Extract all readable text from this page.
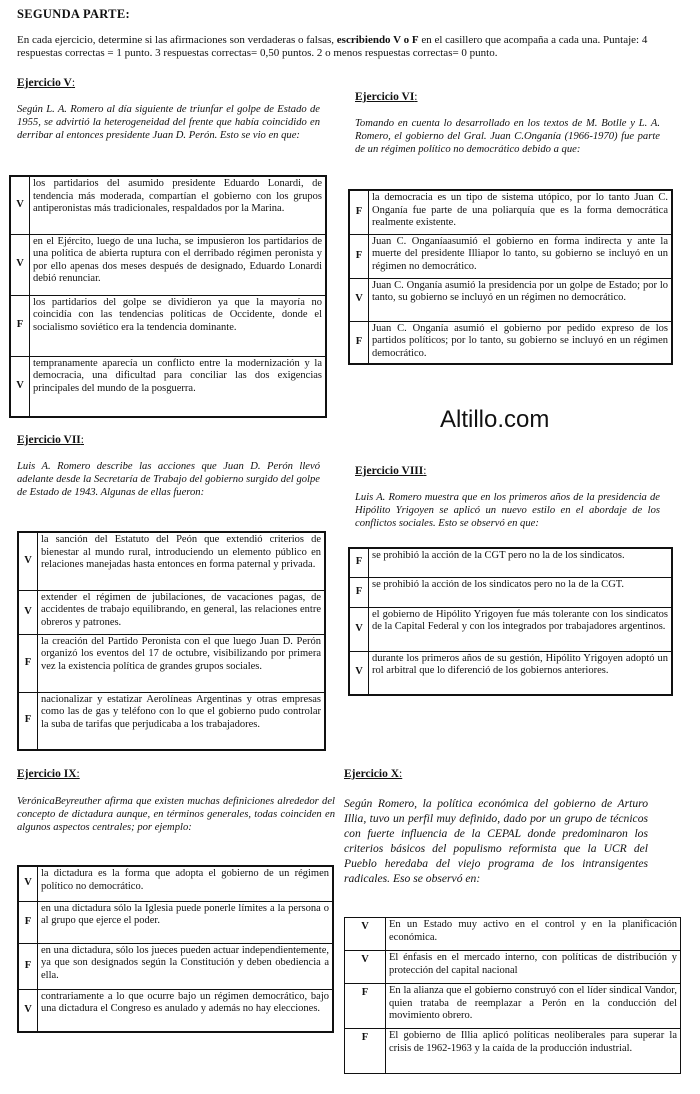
SEGUNDA PARTE:
En cada ejercicio, determine si las afirmaciones son verdaderas o falsas, escribiendo V o F en el casillero que acompaña a cada una. Puntaje: 4 respuestas correctas = 1 punto. 3 respuestas correctas= 0,50 puntos. 2 o menos respuestas correctas= 0 punto.
Ejercicio V :
Según L. A. Romero al día siguiente de triunfar el golpe de Estado de 1955, se advirtió la heterogeneidad del frente que había coincidido en derribar al entonces presidente Juan D. Perón. Esto se vio en que:
V	los partidarios del asumido presidente Eduardo Lonardi, de tendencia más moderada, compartían el gobierno con los grupos antiperonistas más tradicionales, respaldados por la Marina.
V	en el Ejército, luego de una lucha, se impusieron los partidarios de una política de abierta ruptura con el derribado régimen peronista y por ello apenas dos meses después de designado, Eduardo Lonardi debió renunciar.
F	los partidarios del golpe se dividieron ya que la mayoría no coincidía con las tendencias políticas de Occidente, donde el socialismo soviético era la tendencia dominante.
V	tempranamente aparecía un conflicto entre la modernización y la democracia, una dificultad para conciliar las dos exigencias principales del mundo de la posguerra.
Ejercicio VI :
Tomando en cuenta lo desarrollado en los textos de M. Botlle y L. A. Romero, el gobierno del Gral. Juan C.Onganía (1966-1970) fue parte de un régimen político no democrático debido a que:
F	la democracia es un tipo de sistema utópico, por lo tanto Juan C. Onganía fue parte de una poliarquía que es la forma democrática realmente existente.
F	Juan C. Onganíaasumió el gobierno en forma indirecta y ante la muerte del presidente Illiapor lo tanto, su gobierno se incluyó en un régimen no democrático.
V	Juan C. Onganía asumió la presidencia por un golpe de Estado; por lo tanto, su gobierno se incluyó en un régimen no democrático.
F	Juan C. Onganía asumió el gobierno por pedido expreso de los partidos políticos; por lo tanto, su gobierno se incluyó en un régimen democrático.
Altillo.com
Ejercicio VII :
Luis A. Romero describe las acciones que Juan D. Perón llevó adelante desde la Secretaría de Trabajo del gobierno surgido del golpe de Estado de 1943. Algunas de ellas fueron:
V	la sanción del Estatuto del Peón que extendió criterios de bienestar al mundo rural, introduciendo un elemento público en relaciones manejadas hasta entonces en forma paternal y privada.
V	extender el régimen de jubilaciones, de vacaciones pagas, de accidentes de trabajo equilibrando, en general, las relaciones entre obreros y patrones.
F	la creación del Partido Peronista con el que luego Juan D. Perón organizó los eventos del 17 de octubre, visibilizando por primera vez la existencia política de grandes grupos sociales.
F	nacionalizar y estatizar Aerolíneas Argentinas y otras empresas como las de gas y teléfono con lo que el gobierno pudo controlar la suba de tarifas que perjudicaba a los trabajadores.
Ejercicio VIII :
Luis A. Romero muestra que en los primeros años de la presidencia de Hipólito Yrigoyen se aplicó un nuevo estilo en el abordaje de los conflictos sociales. Esto se observó en que:
F	se prohibió la acción de la CGT pero no la de los sindicatos.
F	se prohibió la acción de los sindicatos pero no la de la CGT.
V	el gobierno de Hipólito Yrigoyen fue más tolerante con los sindicatos de la Capital Federal y con los integrados por trabajadores argentinos.
V	durante los primeros años de su gestión, Hipólito Yrigoyen adoptó un rol arbitral que lo diferenció de los gobiernos anteriores.
Ejercicio IX :
VerónicaBeyreuther afirma que existen muchas definiciones alrededor del concepto de dictadura aunque, en términos generales, todas coinciden en algunos aspectos centrales; por ejemplo:
V	la dictadura es la forma que adopta el gobierno de un régimen político no democrático.
F	en una dictadura sólo la Iglesia puede ponerle límites a la persona o al grupo que ejerce el poder.
F	en una dictadura, sólo los jueces pueden actuar independientemente, ya que son designados según la Constitución y deben obediencia a ella.
V	contrariamente a lo que ocurre bajo un régimen democrático, bajo una dictadura el Congreso es anulado y además no hay elecciones.
Ejercicio X :
Según Romero, la política económica del gobierno de Arturo Illia, tuvo un perfil muy definido, dado por un grupo de técnicos con fuerte influencia de la CEPAL donde predominaron los criterios básicos del populismo reformista que la UCR del Pueblo heredaba del viejo programa de los intransigentes radicales. Eso se observó en:
V	En un Estado muy activo en el control y en la planificación económica.
V	El énfasis en el mercado interno, con políticas de distribución y protección del capital nacional
F	En la alianza que el gobierno construyó con el líder sindical Vandor, quien trataba de reemplazar a Perón en la conducción del movimiento obrero.
F	El gobierno de Illia aplicó políticas neoliberales para superar la crisis de 1962-1963 y la caída de la producción industrial.
